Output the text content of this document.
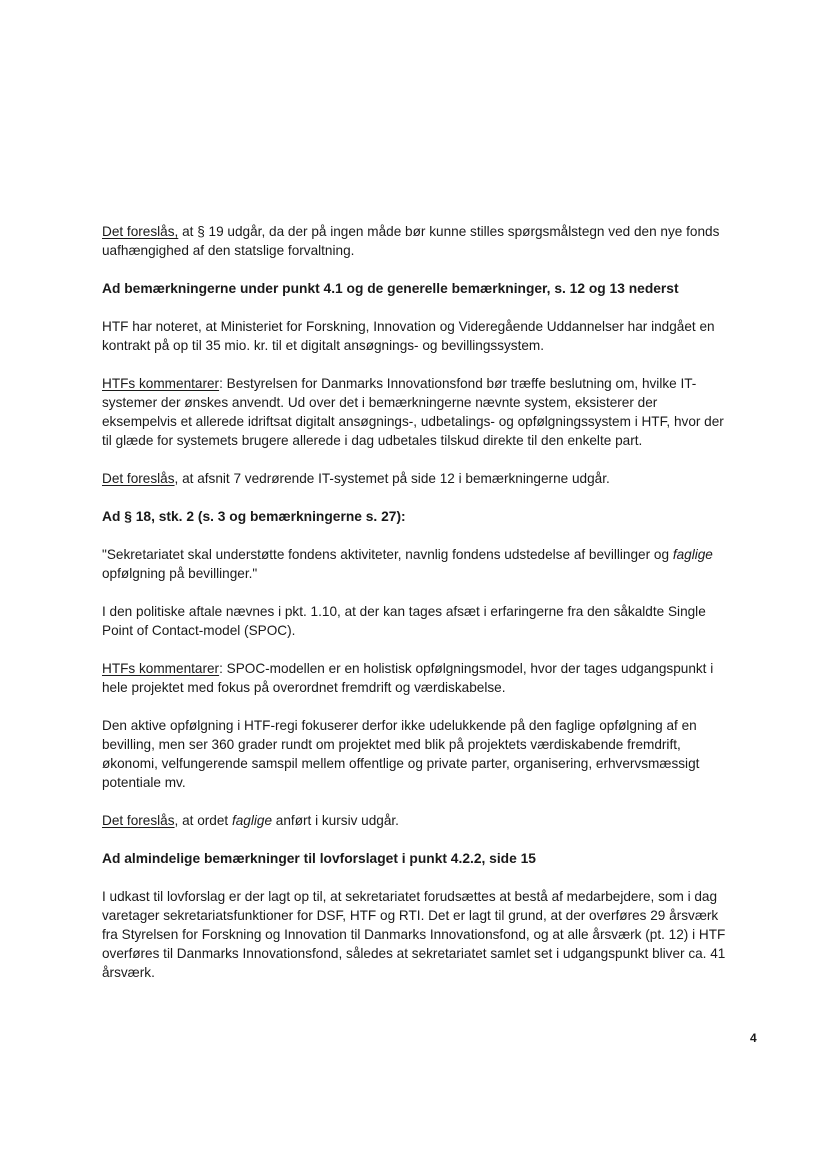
Det foreslås, at § 19 udgår, da der på ingen måde bør kunne stilles spørgsmålstegn ved den nye fonds uafhængighed af den statslige forvaltning.

Ad bemærkningerne under punkt 4.1 og de generelle bemærkninger, s. 12 og 13 nederst

HTF har noteret, at Ministeriet for Forskning, Innovation og Videregående Uddannelser har indgået en kontrakt på op til 35 mio. kr. til et digitalt ansøgnings- og bevillingssystem.

HTFs kommentarer: Bestyrelsen for Danmarks Innovationsfond bør træffe beslutning om, hvilke IT-systemer der ønskes anvendt. Ud over det i bemærkningerne nævnte system, eksisterer der eksempelvis et allerede idriftsat digitalt ansøgnings-, udbetalings- og opfølgningssystem i HTF, hvor der til glæde for systemets brugere allerede i dag udbetales tilskud direkte til den enkelte part.

Det foreslås, at afsnit 7 vedrørende IT-systemet på side 12 i bemærkningerne udgår.

Ad § 18, stk. 2 (s. 3 og bemærkningerne s. 27):

"Sekretariatet skal understøtte fondens aktiviteter, navnlig fondens udstedelse af bevillinger og faglige opfølgning på bevillinger."

I den politiske aftale nævnes i pkt. 1.10, at der kan tages afsæt i erfaringerne fra den såkaldte Single Point of Contact-model (SPOC).

HTFs kommentarer: SPOC-modellen er en holistisk opfølgningsmodel, hvor der tages udgangspunkt i hele projektet med fokus på overordnet fremdrift og værdiskabelse.

Den aktive opfølgning i HTF-regi fokuserer derfor ikke udelukkende på den faglige opfølgning af en bevilling, men ser 360 grader rundt om projektet med blik på projektets værdiskabende fremdrift, økonomi, velfungerende samspil mellem offentlige og private parter, organisering, erhvervsmæssigt potentiale mv.

Det foreslås, at ordet faglige anført i kursiv udgår.

Ad almindelige bemærkninger til lovforslaget i punkt 4.2.2, side 15

I udkast til lovforslag er der lagt op til, at sekretariatet forudsættes at bestå af medarbejdere, som i dag varetager sekretariatsfunktioner for DSF, HTF og RTI. Det er lagt til grund, at der overføres 29 årsværk fra Styrelsen for Forskning og Innovation til Danmarks Innovationsfond, og at alle årsværk (pt. 12) i HTF overføres til Danmarks Innovationsfond, således at sekretariatet samlet set i udgangspunkt bliver ca. 41 årsværk.

4
